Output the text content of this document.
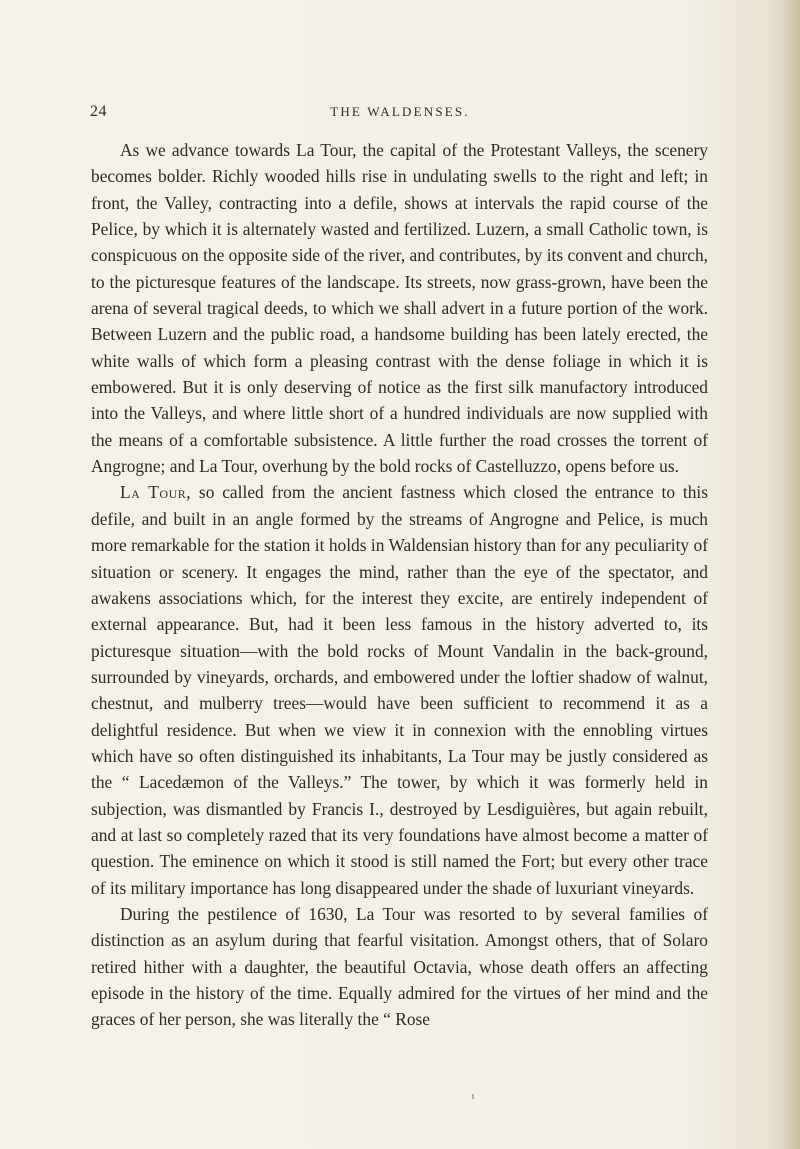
24	THE WALDENSES.

As we advance towards La Tour, the capital of the Protestant Valleys, the scenery becomes bolder. Richly wooded hills rise in undulating swells to the right and left; in front, the Valley, contracting into a defile, shows at intervals the rapid course of the Pelice, by which it is alternately wasted and fertilized. Luzern, a small Catholic town, is conspicuous on the opposite side of the river, and contributes, by its convent and church, to the picturesque features of the landscape. Its streets, now grass-grown, have been the arena of several tragical deeds, to which we shall advert in a future portion of the work. Between Luzern and the public road, a handsome building has been lately erected, the white walls of which form a pleasing contrast with the dense foliage in which it is embowered. But it is only deserving of notice as the first silk manufactory introduced into the Valleys, and where little short of a hundred individuals are now supplied with the means of a comfortable subsistence. A little further the road crosses the torrent of Angrogne; and La Tour, overhung by the bold rocks of Castelluzzo, opens before us.

La Tour, so called from the ancient fastness which closed the entrance to this defile, and built in an angle formed by the streams of Angrogne and Pelice, is much more remarkable for the station it holds in Waldensian history than for any peculiarity of situation or scenery. It engages the mind, rather than the eye of the spectator, and awakens associations which, for the interest they excite, are entirely independent of external appearance. But, had it been less famous in the history adverted to, its picturesque situation—with the bold rocks of Mount Vandalin in the back-ground, surrounded by vineyards, orchards, and embowered under the loftier shadow of walnut, chestnut, and mulberry trees—would have been sufficient to recommend it as a delightful residence. But when we view it in connexion with the ennobling virtues which have so often distinguished its inhabitants, La Tour may be justly considered as the “ Lacedæmon of the Valleys.” The tower, by which it was formerly held in subjection, was dismantled by Francis I., destroyed by Lesdiguières, but again rebuilt, and at last so completely razed that its very foundations have almost become a matter of question. The eminence on which it stood is still named the Fort; but every other trace of its military importance has long disappeared under the shade of luxuriant vineyards.

During the pestilence of 1630, La Tour was resorted to by several families of distinction as an asylum during that fearful visitation. Amongst others, that of Solaro retired hither with a daughter, the beautiful Octavia, whose death offers an affecting episode in the history of the time. Equally admired for the virtues of her mind and the graces of her person, she was literally the “ Rose
